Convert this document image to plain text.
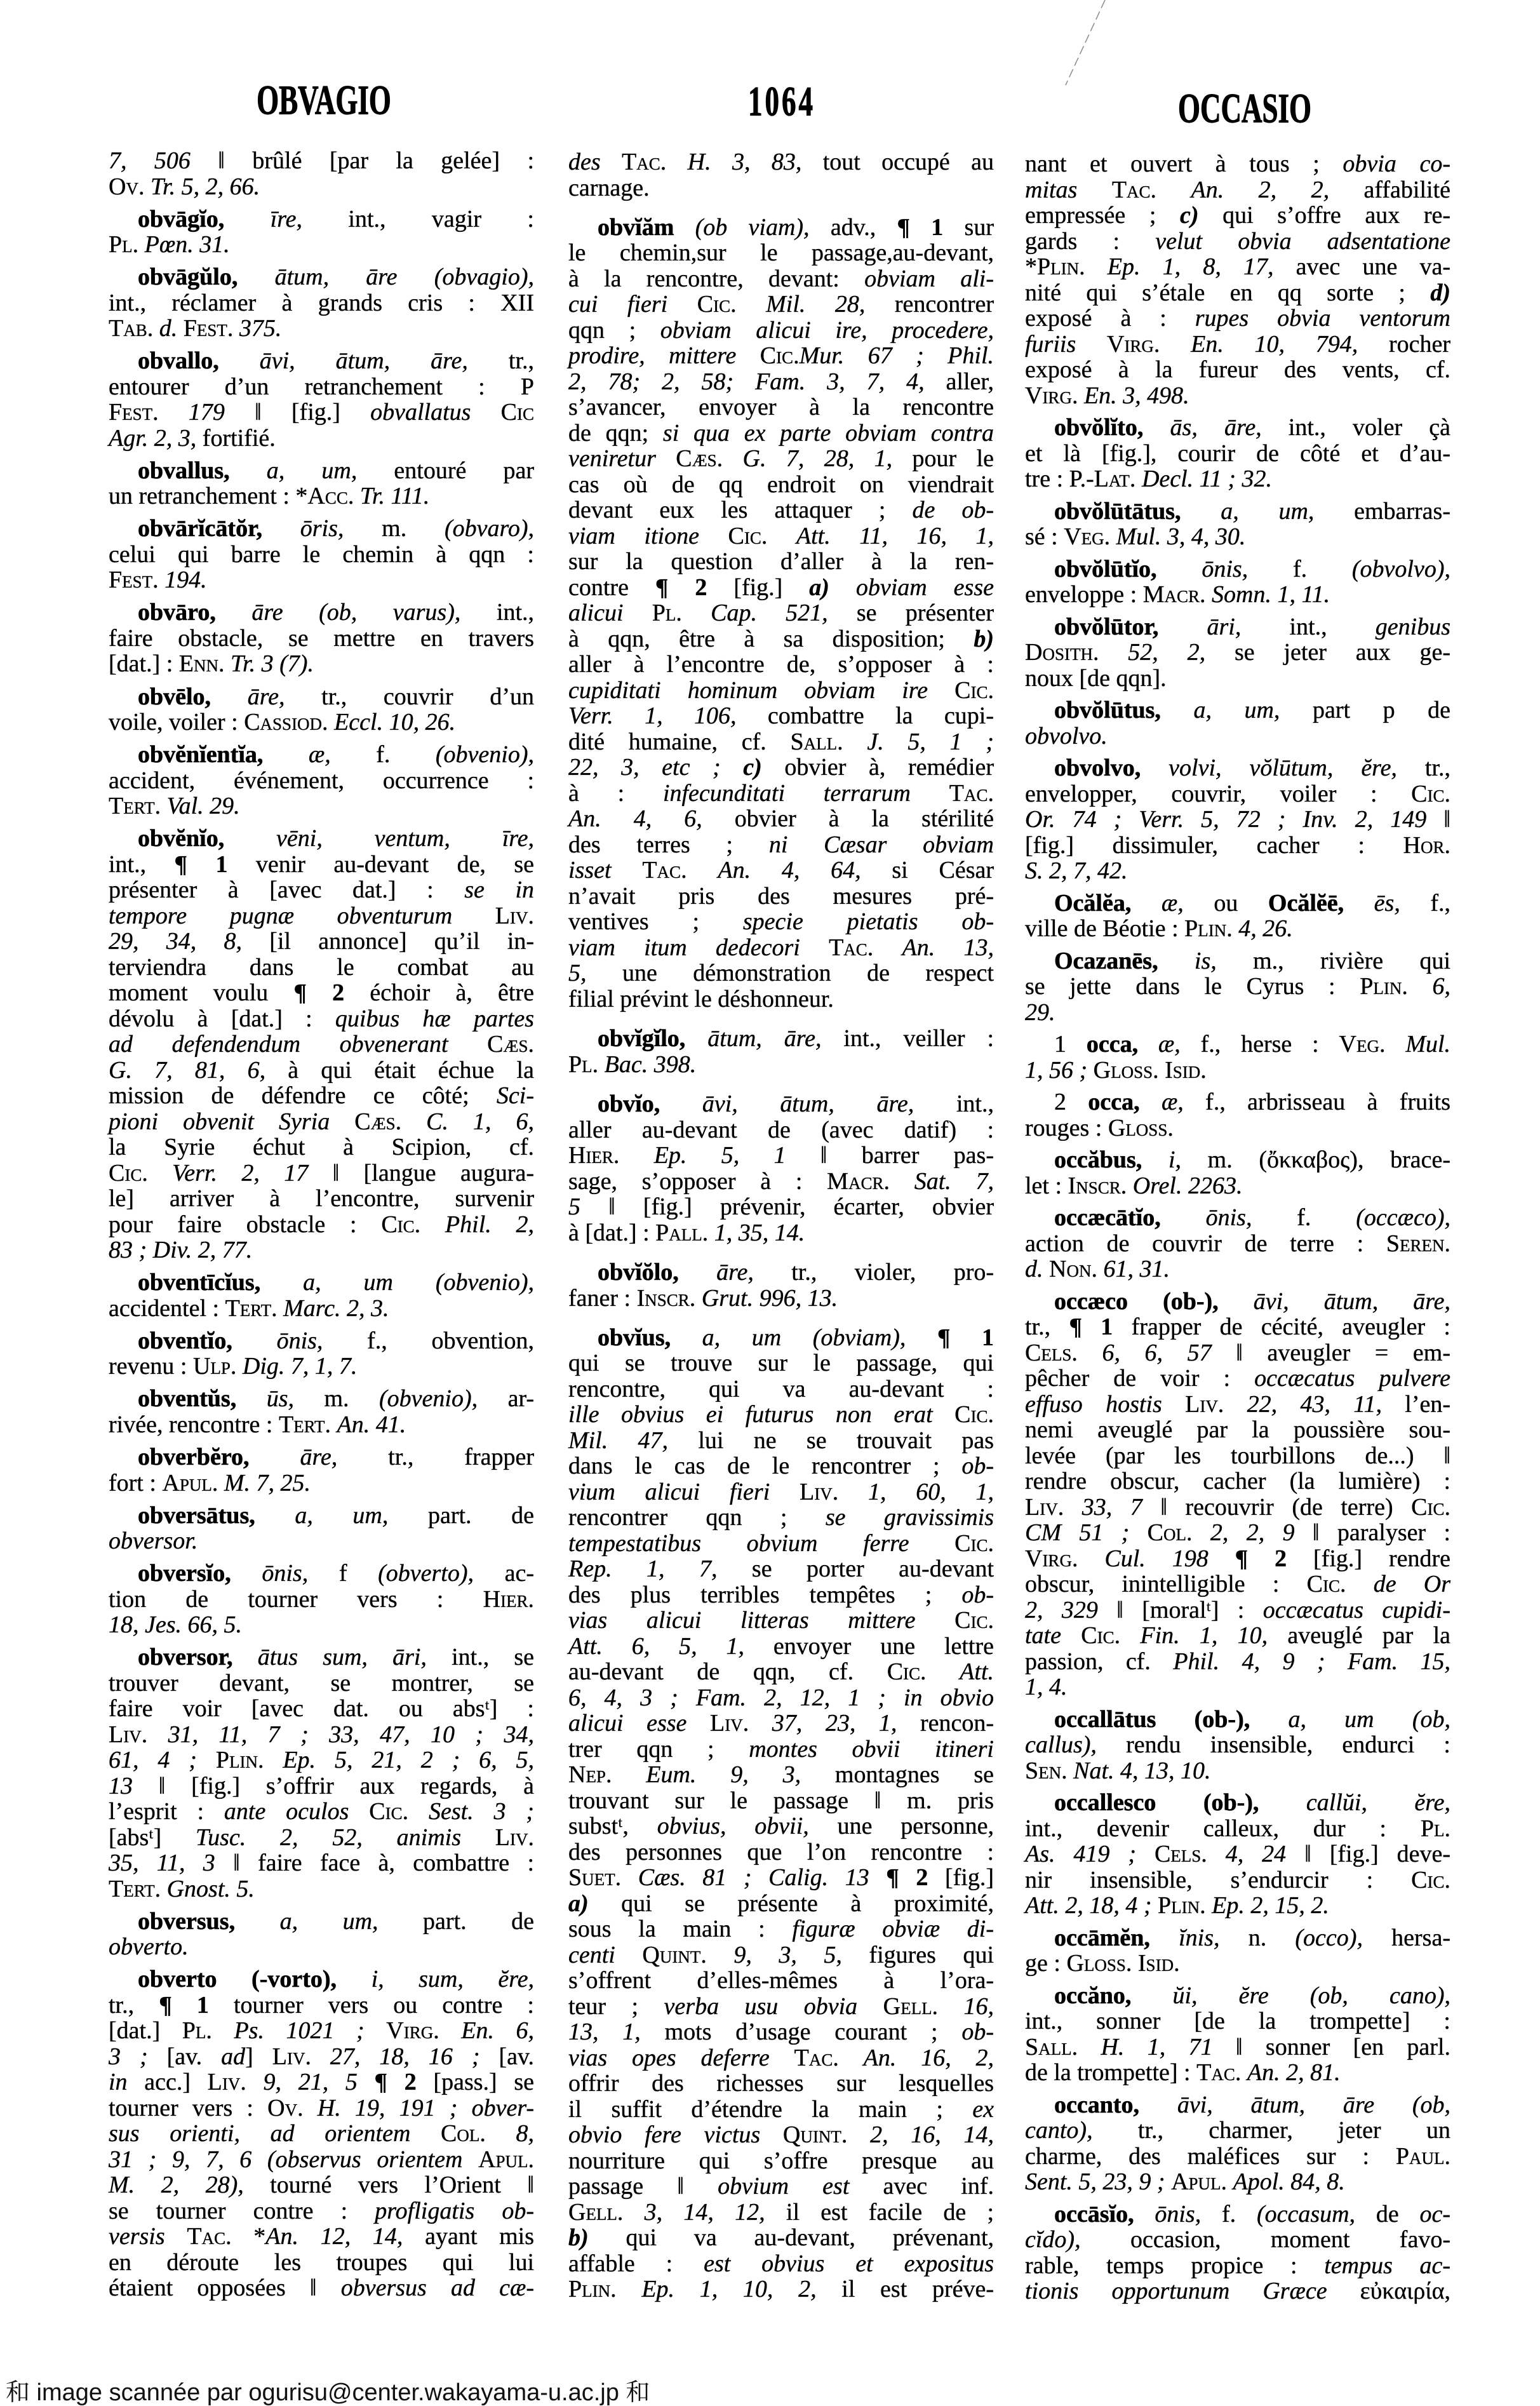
OBVAGIO	1064	OCCASIO
7, 506 ‖ brûlé [par la gelée] :
Ov. Tr. 5, 2, 66.
obvāgĭo, īre, int., vagir :
Pl. Pœn. 31.
obvāgŭlo, ātum, āre (obvagio),
int., réclamer à grands cris : XII
Tab. d. Fest. 375.
obvallo, āvi, ātum, āre, tr.,
entourer d’un retranchement : P
Fest. 179 ‖ [fig.] obvallatus Cic
Agr. 2, 3, fortifié.
obvallus, a, um, entouré par
un retranchement : *Acc. Tr. 111.
obvārĭcātŏr, ōris, m. (obvaro),
celui qui barre le chemin à qqn :
Fest. 194.
obvāro, āre (ob, varus), int.,
faire obstacle, se mettre en travers
[dat.] : Enn. Tr. 3 (7).
obvēlo, āre, tr., couvrir d’un
voile, voiler : Cassiod. Eccl. 10, 26.
obvĕnĭentĭa, æ, f. (obvenio),
accident, événement, occurrence :
Tert. Val. 29.
obvĕnĭo, vēni, ventum, īre,
int., ¶ 1 venir au-devant de, se
présenter à [avec dat.] : se in
tempore pugnæ obventurum Liv.
29, 34, 8, [il annonce] qu’il in-
terviendra dans le combat au
moment voulu ¶ 2 échoir à, être
dévolu à [dat.] : quibus hæ partes
ad defendendum obvenerant Cæs.
G. 7, 81, 6, à qui était échue la
mission de défendre ce côté; Sci-
pioni obvenit Syria Cæs. C. 1, 6,
la Syrie échut à Scipion, cf.
Cic. Verr. 2, 17 ‖ [langue augura-
le] arriver à l’encontre, survenir
pour faire obstacle : Cic. Phil. 2,
83 ; Div. 2, 77.
obventīcĭus, a, um (obvenio),
accidentel : Tert. Marc. 2, 3.
obventĭo, ōnis, f., obvention,
revenu : Ulp. Dig. 7, 1, 7.
obventŭs, ūs, m. (obvenio), ar-
rivée, rencontre : Tert. An. 41.
obverbĕro, āre, tr., frapper
fort : Apul. M. 7, 25.
obversātus, a, um, part. de
obversor.
obversĭo, ōnis, f (obverto), ac-
tion de tourner vers : Hier.
18, Jes. 66, 5.
obversor, ātus sum, āri, int., se
trouver devant, se montrer, se
faire voir [avec dat. ou absᵗ] :
Liv. 31, 11, 7 ; 33, 47, 10 ; 34,
61, 4 ; Plin. Ep. 5, 21, 2 ; 6, 5,
13 ‖ [fig.] s’offrir aux regards, à
l’esprit : ante oculos Cic. Sest. 3 ;
[absᵗ] Tusc. 2, 52, animis Liv.
35, 11, 3 ‖ faire face à, combattre :
Tert. Gnost. 5.
obversus, a, um, part. de
obverto.
obverto (-vorto), i, sum, ĕre,
tr., ¶ 1 tourner vers ou contre :
[dat.] Pl. Ps. 1021 ; Virg. En. 6,
3 ; [av. ad] Liv. 27, 18, 16 ; [av.
in acc.] Liv. 9, 21, 5 ¶ 2 [pass.] se
tourner vers : Ov. H. 19, 191 ; obver-
sus orienti, ad orientem Col. 8,
31 ; 9, 7, 6 (observus orientem Apul.
M. 2, 28), tourné vers l’Orient ‖
se tourner contre : profligatis ob-
versis Tac. *An. 12, 14, ayant mis
en déroute les troupes qui lui
étaient opposées ‖ obversus ad cæ-
des Tac. H. 3, 83, tout occupé au
carnage.
obvĭăm (ob viam), adv., ¶ 1 sur
le chemin,sur le passage,au-devant,
à la rencontre, devant: obviam ali-
cui fieri Cic. Mil. 28, rencontrer
qqn ; obviam alicui ire, procedere,
prodire, mittere Cic.Mur. 67 ; Phil.
2, 78; 2, 58; Fam. 3, 7, 4, aller,
s’avancer, envoyer à la rencontre
de qqn; si qua ex parte obviam contra
veniretur Cæs. G. 7, 28, 1, pour le
cas où de qq endroit on viendrait
devant eux les attaquer ; de ob-
viam itione Cic. Att. 11, 16, 1,
sur la question d’aller à la ren-
contre ¶ 2 [fig.] a) obviam esse
alicui Pl. Cap. 521, se présenter
à qqn, être à sa disposition; b)
aller à l’encontre de, s’opposer à :
cupiditati hominum obviam ire Cic.
Verr. 1, 106, combattre la cupi-
dité humaine, cf. Sall. J. 5, 1 ;
22, 3, etc ; c) obvier à, remédier
à : infecunditati terrarum Tac.
An. 4, 6, obvier à la stérilité
des terres ; ni Cæsar obviam
isset Tac. An. 4, 64, si César
n’avait pris des mesures pré-
ventives ; specie pietatis ob-
viam itum dedecori Tac. An. 13,
5, une démonstration de respect
filial prévint le déshonneur.
obvĭgĭlo, ātum, āre, int., veiller :
Pl. Bac. 398.
obvĭo, āvi, ātum, āre, int.,
aller au-devant de (avec datif) :
Hier. Ep. 5, 1 ‖ barrer pas-
sage, s’opposer à : Macr. Sat. 7,
5 ‖ [fig.] prévenir, écarter, obvier
à [dat.] : Pall. 1, 35, 14.
obvĭŏlo, āre, tr., violer, pro-
faner : Inscr. Grut. 996, 13.
obvĭus, a, um (obviam), ¶ 1
qui se trouve sur le passage, qui
rencontre, qui va au-devant :
ille obvius ei futurus non erat Cic.
Mil. 47, lui ne se trouvait pas
dans le cas de le rencontrer ; ob-
vium alicui fieri Liv. 1, 60, 1,
rencontrer qqn ; se gravissimis
tempestatibus obvium ferre Cic.
Rep. 1, 7, se porter au-devant
des plus terribles tempêtes ; ob-
vias alicui litteras mittere Cic.
Att. 6, 5, 1, envoyer une lettre
au-devant de qqn, cf. Cic. Att.
6, 4, 3 ; Fam. 2, 12, 1 ; in obvio
alicui esse Liv. 37, 23, 1, rencon-
trer qqn ; montes obvii itineri
Nep. Eum. 9, 3, montagnes se
trouvant sur le passage ‖ m. pris
substᵗ, obvius, obvii, une personne,
des personnes que l’on rencontre :
Suet. Cæs. 81 ; Calig. 13 ¶ 2 [fig.]
a) qui se présente à proximité,
sous la main : figuræ obviæ di-
centi Quint. 9, 3, 5, figures qui
s’offrent d’elles-mêmes à l’ora-
teur ; verba usu obvia Gell. 16,
13, 1, mots d’usage courant ; ob-
vias opes deferre Tac. An. 16, 2,
offrir des richesses sur lesquelles
il suffit d’étendre la main ; ex
obvio fere victus Quint. 2, 16, 14,
nourriture qui s’offre presque au
passage ‖ obvium est avec inf.
Gell. 3, 14, 12, il est facile de ;
b) qui va au-devant, prévenant,
affable : est obvius et expositus
Plin. Ep. 1, 10, 2, il est préve-
nant et ouvert à tous ; obvia co-
mitas Tac. An. 2, 2, affabilité
empressée ; c) qui s’offre aux re-
gards : velut obvia adsentatione
*Plin. Ep. 1, 8, 17, avec une va-
nité qui s’étale en qq sorte ; d)
exposé à : rupes obvia ventorum
furiis Virg. En. 10, 794, rocher
exposé à la fureur des vents, cf.
Virg. En. 3, 498.
obvŏlĭto, ās, āre, int., voler çà
et là [fig.], courir de côté et d’au-
tre : P.-Lat. Decl. 11 ; 32.
obvŏlūtātus, a, um, embarras-
sé : Veg. Mul. 3, 4, 30.
obvŏlūtĭo, ōnis, f. (obvolvo),
enveloppe : Macr. Somn. 1, 11.
obvŏlūtor, āri, int., genibus
Dosith. 52, 2, se jeter aux ge-
noux [de qqn].
obvŏlūtus, a, um, part p de
obvolvo.
obvolvo, volvi, vŏlūtum, ĕre, tr.,
envelopper, couvrir, voiler : Cic.
Or. 74 ; Verr. 5, 72 ; Inv. 2, 149 ‖
[fig.] dissimuler, cacher : Hor.
S. 2, 7, 42.
Ocălĕa, æ, ou Ocălĕē, ēs, f.,
ville de Béotie : Plin. 4, 26.
Ocazanēs, is, m., rivière qui
se jette dans le Cyrus : Plin. 6,
29.
1 occa, æ, f., herse : Veg. Mul.
1, 56 ; Gloss. Isid.
2 occa, æ, f., arbrisseau à fruits
rouges : Gloss.
occăbus, i, m. (ὄκκαβος), brace-
let : Inscr. Orel. 2263.
occæcātĭo, ōnis, f. (occæco),
action de couvrir de terre : Seren.
d. Non. 61, 31.
occæco (ob-), āvi, ātum, āre,
tr., ¶ 1 frapper de cécité, aveugler :
Cels. 6, 6, 57 ‖ aveugler = em-
pêcher de voir : occæcatus pulvere
effuso hostis Liv. 22, 43, 11, l’en-
nemi aveuglé par la poussière sou-
levée (par les tourbillons de...) ‖
rendre obscur, cacher (la lumière) :
Liv. 33, 7 ‖ recouvrir (de terre) Cic.
CM 51 ; Col. 2, 2, 9 ‖ paralyser :
Virg. Cul. 198 ¶ 2 [fig.] rendre
obscur, inintelligible : Cic. de Or
2, 329 ‖ [moralᵗ] : occæcatus cupidi-
tate Cic. Fin. 1, 10, aveuglé par la
passion, cf. Phil. 4, 9 ; Fam. 15,
1, 4.
occallātus (ob-), a, um (ob,
callus), rendu insensible, endurci :
Sen. Nat. 4, 13, 10.
occallesco (ob-), callŭi, ĕre,
int., devenir calleux, dur : Pl.
As. 419 ; Cels. 4, 24 ‖ [fig.] deve-
nir insensible, s’endurcir : Cic.
Att. 2, 18, 4 ; Plin. Ep. 2, 15, 2.
occāmĕn, ĭnis, n. (occo), hersa-
ge : Gloss. Isid.
occăno, ŭi, ĕre (ob, cano),
int., sonner [de la trompette] :
Sall. H. 1, 71 ‖ sonner [en parl.
de la trompette] : Tac. An. 2, 81.
occanto, āvi, ātum, āre (ob,
canto), tr., charmer, jeter un
charme, des maléfices sur : Paul.
Sent. 5, 23, 9 ; Apul. Apol. 84, 8.
occāsĭo, ōnis, f. (occasum, de oc-
cĭdo), occasion, moment favo-
rable, temps propice : tempus ac-
tionis opportunum Græce εὐκαιρία,
和 image scannée par ogurisu@center.wakayama-u.ac.jp 和
